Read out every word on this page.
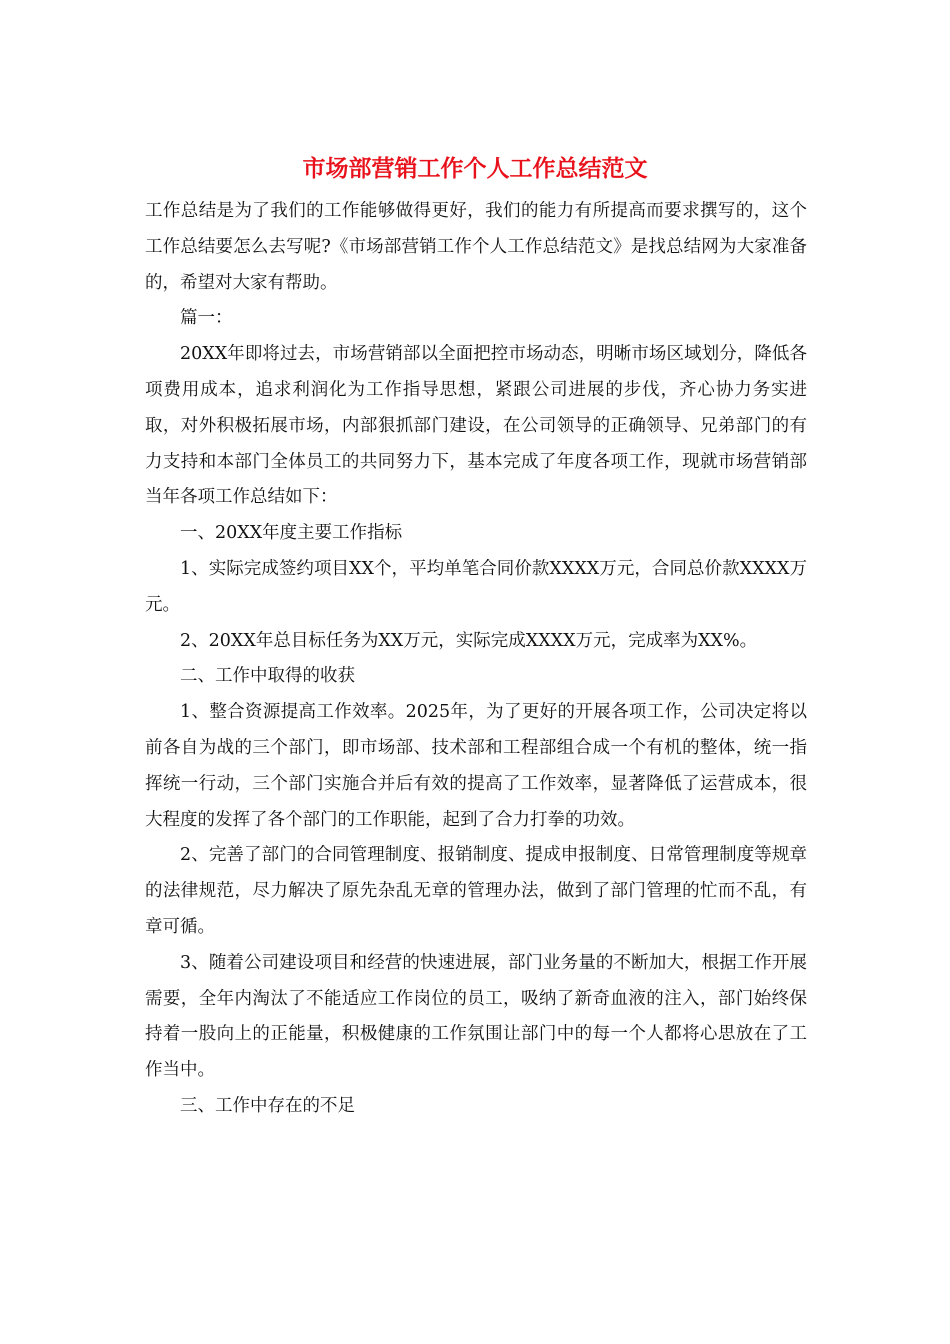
市场部营销工作个人工作总结范文

工作总结是为了我们的工作能够做得更好，我们的能力有所提高而要求撰写的，这个工作总结要怎么去写呢?《市场部营销工作个人工作总结范文》是找总结网为大家准备的，希望对大家有帮助。

篇一：

20XX年即将过去，市场营销部以全面把控市场动态，明晰市场区域划分，降低各项费用成本，追求利润化为工作指导思想，紧跟公司进展的步伐，齐心协力务实进取，对外积极拓展市场，内部狠抓部门建设，在公司领导的正确领导、兄弟部门的有力支持和本部门全体员工的共同努力下，基本完成了年度各项工作，现就市场营销部当年各项工作总结如下：

一、20XX年度主要工作指标

1、实际完成签约项目XX个，平均单笔合同价款XXXX万元，合同总价款XXXX万元。

2、20XX年总目标任务为XX万元，实际完成XXXX万元，完成率为XX%。

二、工作中取得的收获

1、整合资源提高工作效率。2025年，为了更好的开展各项工作，公司决定将以前各自为战的三个部门，即市场部、技术部和工程部组合成一个有机的整体，统一指挥统一行动，三个部门实施合并后有效的提高了工作效率，显著降低了运营成本，很大程度的发挥了各个部门的工作职能，起到了合力打拳的功效。

2、完善了部门的合同管理制度、报销制度、提成申报制度、日常管理制度等规章的法律规范，尽力解决了原先杂乱无章的管理办法，做到了部门管理的忙而不乱，有章可循。

3、随着公司建设项目和经营的快速进展，部门业务量的不断加大，根据工作开展需要，全年内淘汰了不能适应工作岗位的员工，吸纳了新奇血液的注入，部门始终保持着一股向上的正能量，积极健康的工作氛围让部门中的每一个人都将心思放在了工作当中。

三、工作中存在的不足
